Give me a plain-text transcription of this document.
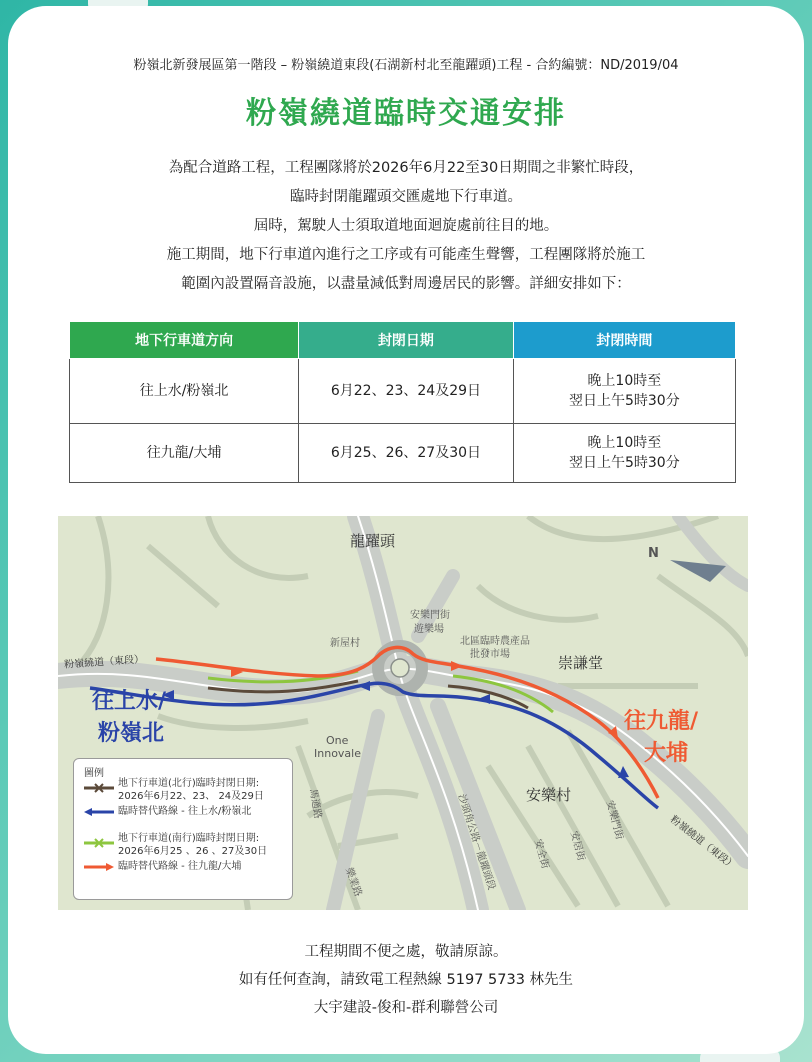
粉嶺北新發展區第一階段 – 粉嶺繞道東段(石湖新村北至龍躍頭)工程 - 合約編號：ND/2019/04
粉嶺繞道臨時交通安排
為配合道路工程，工程團隊將於2026年6月22至30日期間之非繁忙時段，
臨時封閉龍躍頭交匯處地下行車道。
屆時，駕駛人士須取道地面迴旋處前往目的地。
施工期間，地下行車道內進行之工序或有可能產生聲響，工程團隊將於施工
範圍內設置隔音設施，以盡量減低對周邊居民的影響。詳細安排如下：
地下行車道方向	封閉日期	封閉時間
往上水/粉嶺北	6月22、23、24及29日	晚上10時至
翌日上午5時30分

往九龍/大埔	6月25、26、27及30日	晚上10時至
翌日上午5時30分
龍躍頭
安樂門街
遊樂場
新屋村	北區臨時農產品
批發市場	崇謙堂
One
Innovale
安樂村
粉嶺繞道（東段）
粉嶺繞道（東段）
馬適路
樂業路	沙頭角公路－龍躍頭段	安全街	安居街
安樂門街
N
往上水/
粉嶺北	往九龍/
大埔
圖例
地下行車道(北行)臨時封閉日期:
2026年6月22、23、 24及29日
臨時替代路線 - 往上水/粉嶺北
地下行車道(南行)臨時封閉日期:
2026年6月25 、26 、27及30日
臨時替代路線 - 往九龍/大埔
工程期間不便之處，敬請原諒。
如有任何查詢，請致電工程熱線 5197 5733 林先生
大宇建設-俊和-群利聯營公司
